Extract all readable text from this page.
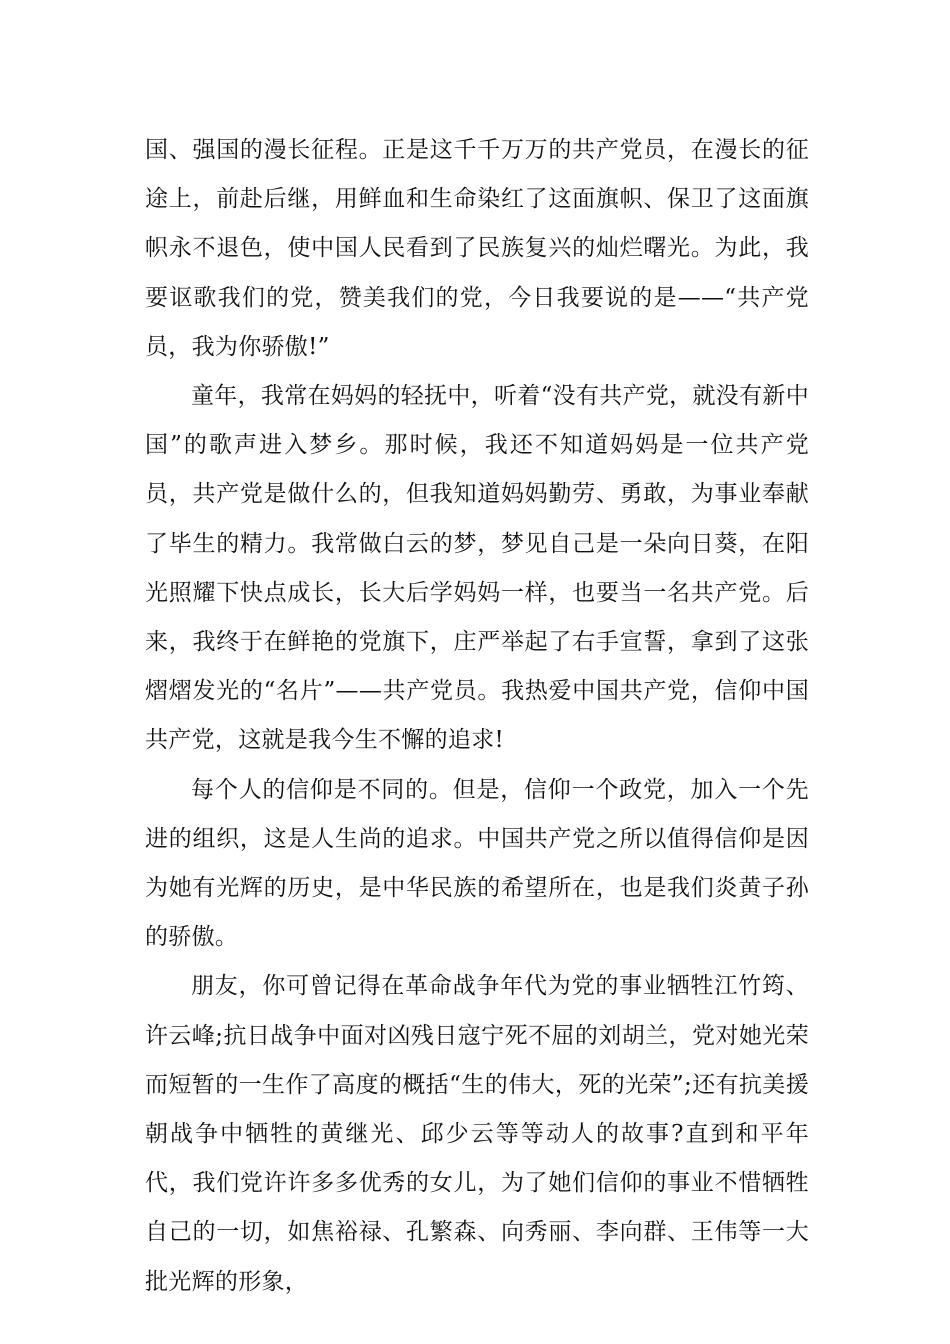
国、强国的漫长征程。正是这千千万万的共产党员，在漫长的征途上，前赴后继，用鲜血和生命染红了这面旗帜、保卫了这面旗帜永不退色，使中国人民看到了民族复兴的灿烂曙光。为此，我要讴歌我们的党，赞美我们的党，今日我要说的是——“共产党员，我为你骄傲!”

童年，我常在妈妈的轻抚中，听着“没有共产党，就没有新中国”的歌声进入梦乡。那时候，我还不知道妈妈是一位共产党员，共产党是做什么的，但我知道妈妈勤劳、勇敢，为事业奉献了毕生的精力。我常做白云的梦，梦见自己是一朵向日葵，在阳光照耀下快点成长，长大后学妈妈一样，也要当一名共产党。后来，我终于在鲜艳的党旗下，庄严举起了右手宣誓，拿到了这张熠熠发光的“名片”——共产党员。我热爱中国共产党，信仰中国共产党，这就是我今生不懈的追求!

每个人的信仰是不同的。但是，信仰一个政党，加入一个先进的组织，这是人生尚的追求。中国共产党之所以值得信仰是因为她有光辉的历史，是中华民族的希望所在，也是我们炎黄子孙的骄傲。

朋友，你可曾记得在革命战争年代为党的事业牺牲江竹筠、许云峰;抗日战争中面对凶残日寇宁死不屈的刘胡兰，党对她光荣而短暂的一生作了高度的概括“生的伟大，死的光荣”;还有抗美援朝战争中牺牲的黄继光、邱少云等等动人的故事?直到和平年代，我们党许许多多优秀的女儿，为了她们信仰的事业不惜牺牲自己的一切，如焦裕禄、孔繁森、向秀丽、李向群、王伟等一大批光辉的形象，
